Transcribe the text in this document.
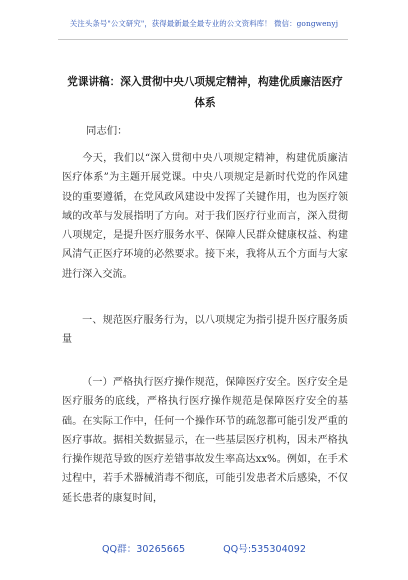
关注头条号"公文研究"，获得最新最全最专业的公文资料库！ 微信：gongwenyj
党课讲稿：深入贯彻中央八项规定精神，构建优质廉洁医疗体系
同志们：
今天，我们以“深入贯彻中央八项规定精神，构建优质廉洁医疗体系”为主题开展党课。中央八项规定是新时代党的作风建设的重要遵循，在党风政风建设中发挥了关键作用，也为医疗领域的改革与发展指明了方向。对于我们医疗行业而言，深入贯彻八项规定，是提升医疗服务水平、保障人民群众健康权益、构建风清气正医疗环境的必然要求。接下来，我将从五个方面与大家进行深入交流。
一、规范医疗服务行为，以八项规定为指引提升医疗服务质量
（一）严格执行医疗操作规范，保障医疗安全。医疗安全是医疗服务的底线，严格执行医疗操作规范是保障医疗安全的基础。在实际工作中，任何一个操作环节的疏忽都可能引发严重的医疗事故。据相关数据显示，在一些基层医疗机构，因未严格执行操作规范导致的医疗差错事故发生率高达xx%。例如，在手术过程中，若手术器械消毒不彻底，可能引发患者术后感染，不仅延长患者的康复时间，
QQ群：30265665	QQ号:535304092
